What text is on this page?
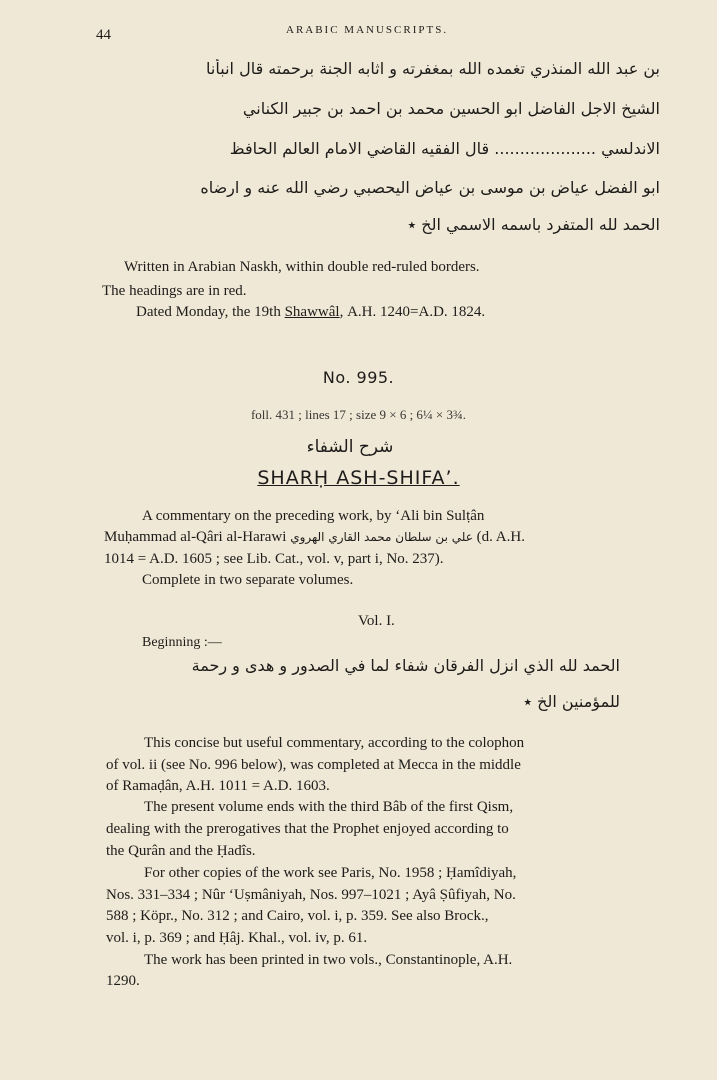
44	ARABIC MANUSCRIPTS.
بن عبد الله المنذري تغمده الله بمغفرته و اثابه الجنة برحمته قال انبأنا
الشيخ الاجل الفاضل ابو الحسين محمد بن احمد بن جبير الكناني
الاندلسي .................... قال الفقيه القاضي الامام العالم الحافظ
ابو الفضل عياض بن موسى بن عياض اليحصبي رضي الله عنه و ارضاه
الحمد لله المتفرد باسمه الاسمي الخ ٭
Written in Arabian Naskh, within double red-ruled borders.
The headings are in red.
Dated Monday, the 19th Shawwâl, A.H. 1240=A.D. 1824.
No. 995.
foll. 431 ; lines 17 ; size 9 × 6 ; 6¼ × 3¾.
شرح الشفاء
SHARḤ ASH-SHIFA’.
A commentary on the preceding work, by ‘Ali bin Sulṭân
Muḥammad al-Qâri al-Harawi علي بن سلطان محمد القاري الهروي (d. A.H.
1014 = A.D. 1605 ; see Lib. Cat., vol. v, part i, No. 237).
Complete in two separate volumes.
Vol. I.
Beginning :—
الحمد لله الذي انزل الفرقان شفاء لما في الصدور و هدى و رحمة
للمؤمنين الخ ٭
This concise but useful commentary, according to the colophon
of vol. ii (see No. 996 below), was completed at Mecca in the middle
of Ramaḍân, A.H. 1011 = A.D. 1603.
The present volume ends with the third Bâb of the first Qism,
dealing with the prerogatives that the Prophet enjoyed according to
the Qurân and the Ḥadîs.
For other copies of the work see Paris, No. 1958 ; Ḥamîdiyah,
Nos. 331–334 ; Nûr ‘Uṣmâniyah, Nos. 997–1021 ; Ayâ Ṣûfiyah, No.
588 ; Köpr., No. 312 ; and Cairo, vol. i, p. 359. See also Brock.,
vol. i, p. 369 ; and Ḥâj. Khal., vol. iv, p. 61.
The work has been printed in two vols., Constantinople, A.H.
1290.
